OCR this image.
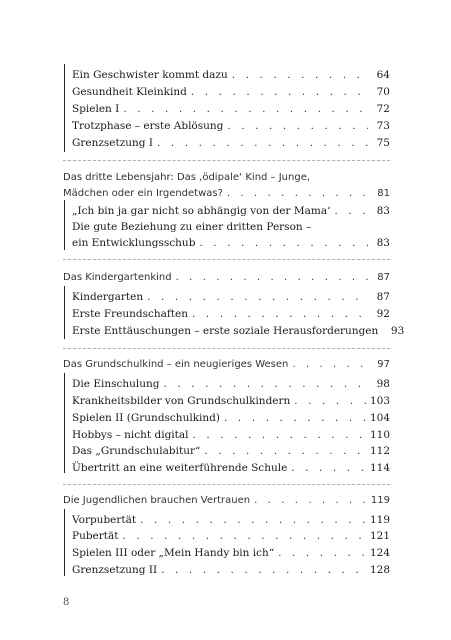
Ein Geschwister kommt dazu . . .	64
Gesundheit Kleinkind . . .	70
Spielen I . . .	72
Trotzphase – erste Ablösung . . .	73
Grenzsetzung I . . .	75
Das dritte Lebensjahr: Das ‚ödipale‘ Kind – Junge,
Mädchen oder ein Irgendetwas? . . .	81
„Ich bin ja gar nicht so abhängig von der Mama‘ . . .	83
Die gute Beziehung zu einer dritten Person –
ein Entwicklungsschub . . .	83
Das Kindergartenkind . . .	87
Kindergarten . . .	87
Erste Freundschaften . . .	92
Erste Enttäuschungen – erste soziale Herausforderungen	93
Das Grundschulkind – ein neugieriges Wesen . . .	97
Die Einschulung . . .	98
Krankheitsbilder von Grundschulkindern . . .	103
Spielen II (Grundschulkind) . . .	104
Hobbys – nicht digital . . .	110
Das „Grundschulabitur“ . . .	112
Übertritt an eine weiterführende Schule . . .	114
Die Jugendlichen brauchen Vertrauen . . .	119
Vorpubertät . . .	119
Pubertät . . .	121
Spielen III oder „Mein Handy bin ich“ . . .	124
Grenzsetzung II . . .	128
8
